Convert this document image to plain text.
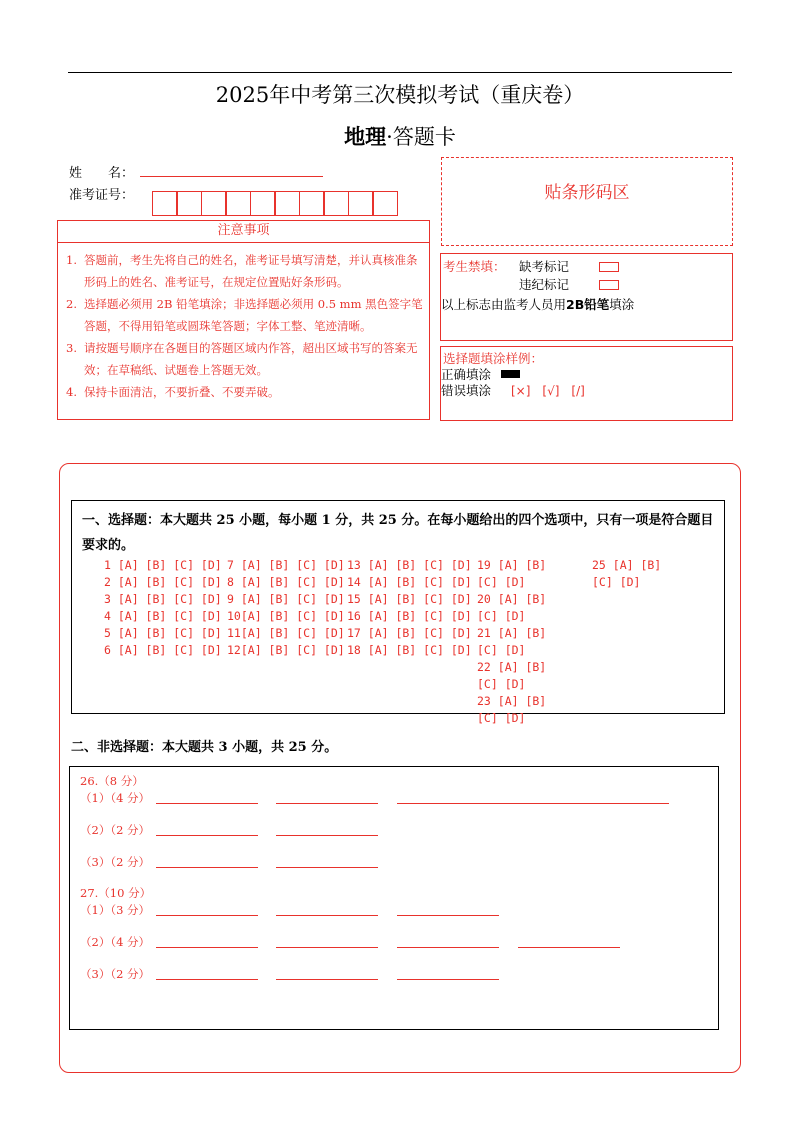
2025年中考第三次模拟考试（重庆卷）
地理·答题卡
姓　　名：
准考证号：	贴条形码区
注意事项
1. 答题前，考生先将自己的姓名，准考证号填写清楚，并认真核准条形码上的姓名、准考证号，在规定位置贴好条形码。
2. 选择题必须用 2B 铅笔填涂；非选择题必须用 0.5 mm 黑色签字笔答题，不得用铅笔或圆珠笔答题；字体工整、笔迹清晰。
3. 请按题号顺序在各题目的答题区域内作答，超出区域书写的答案无效；在草稿纸、试题卷上答题无效。
4. 保持卡面清洁，不要折叠、不要弄破。
考生禁填： 缺考标记
违纪标记
以上标志由监考人员用2B铅笔填涂
选择题填涂样例：
正确填涂
错误填涂 [×]　[√]　[/]
一、选择题：本大题共 25 小题，每小题 1 分，共 25 分。在每小题给出的四个选项中，只有一项是符合题目要求的。
1 [A] [B] [C] [D]
2 [A] [B] [C] [D]
3 [A] [B] [C] [D]
4 [A] [B] [C] [D]
5 [A] [B] [C] [D]
6 [A] [B] [C] [D]
7 [A] [B] [C] [D]
8 [A] [B] [C] [D]
9 [A] [B] [C] [D]
10[A] [B] [C] [D]
11[A] [B] [C] [D]
12[A] [B] [C] [D]
13 [A] [B] [C] [D]
14 [A] [B] [C] [D]
15 [A] [B] [C] [D]
16 [A] [B] [C] [D]
17 [A] [B] [C] [D]
18 [A] [B] [C] [D]
19 [A] [B] [C] [D]
20 [A] [B] [C] [D]
21 [A] [B] [C] [D]
22 [A] [B] [C] [D]
23 [A] [B] [C] [D]
25 [A] [B] [C] [D]
二、非选择题：本大题共 3 小题，共 25 分。
26.（8 分）
（1）（4 分）
（2）（2 分）
（3）（2 分）
27.（10 分）
（1）（3 分）
（2）（4 分）
（3）（2 分）
